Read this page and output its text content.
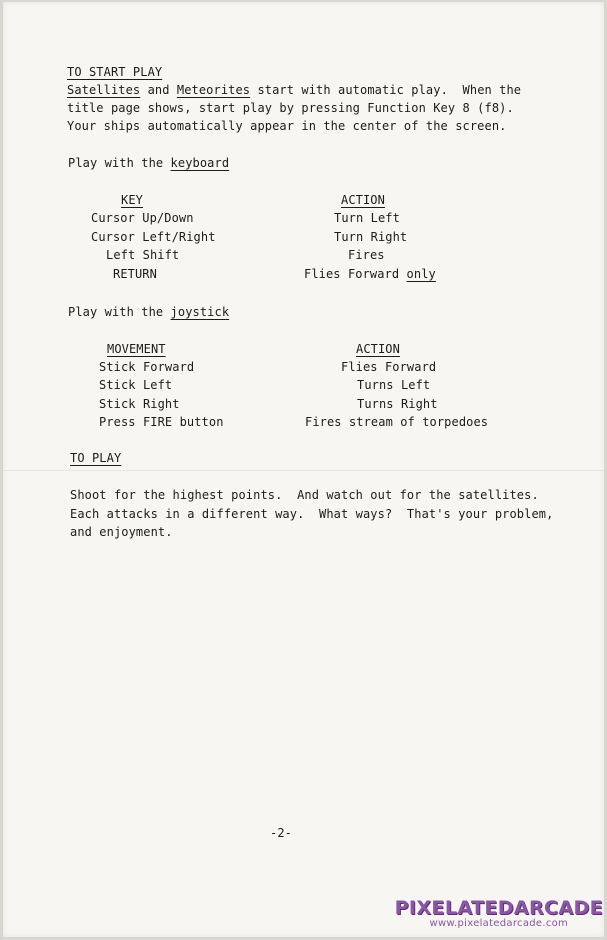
TO START PLAY
Satellites and Meteorites start with automatic play.  When the
title page shows, start play by pressing Function Key 8 (f8).
Your ships automatically appear in the center of the screen.
Play with the keyboard
KEY	ACTION
Cursor Up/Down	Turn Left
Cursor Left/Right	Turn Right
Left Shift	Fires
RETURN	Flies Forward only
Play with the joystick
MOVEMENT	ACTION
Stick Forward	Flies Forward
Stick Left	Turns Left
Stick Right	Turns Right
Press FIRE button	Fires stream of torpedoes
TO PLAY
Shoot for the highest points.  And watch out for the satellites.
Each attacks in a different way.  What ways?  That's your problem,
and enjoyment.
-2-
PIXELATEDARCADE
www.pixelatedarcade.com
